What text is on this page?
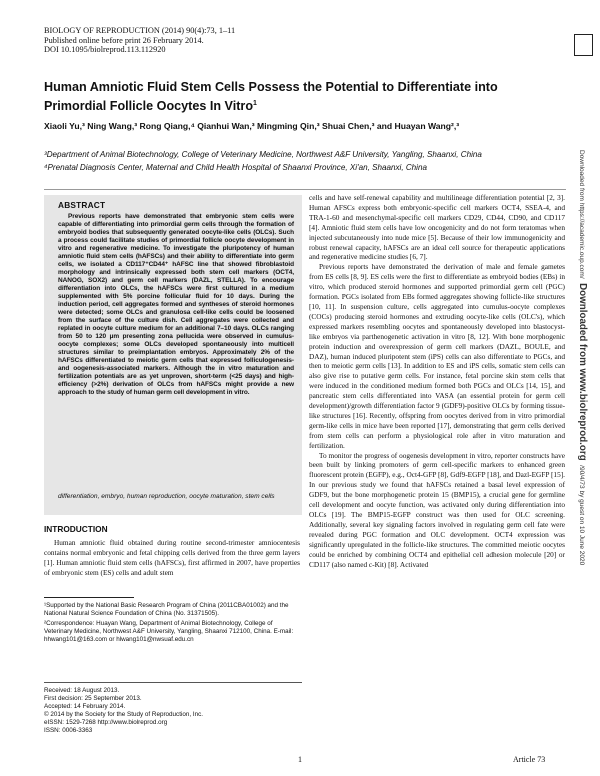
BIOLOGY OF REPRODUCTION (2014) 90(4):73, 1–11
Published online before print 26 February 2014.
DOI 10.1095/biolreprod.113.112920
Downloaded from https://academic.oup.com/ Downloaded from www.biolreprod.org /90/4/73 by guest on 10 June 2020
Human Amniotic Fluid Stem Cells Possess the Potential to Differentiate into Primordial Follicle Oocytes In Vitro$^1$
Xiaoli Yu,³ Ning Wang,³ Rong Qiang,⁴ Qianhui Wan,³ Mingming Qin,³ Shuai Chen,³ and Huayan Wang²,³

³Department of Animal Biotechnology, College of Veterinary Medicine, Northwest A&F University, Yangling, Shaanxi, China

⁴Prenatal Diagnosis Center, Maternal and Child Health Hospital of Shaanxi Province, Xi'an, Shaanxi, China

ABSTRACT

Previous reports have demonstrated that embryonic stem cells were capable of differentiating into primordial germ cells through the formation of embryoid bodies that subsequently generated oocyte-like cells (OLCs). Such a process could facilitate studies of primordial follicle oocyte development in vitro and regenerative medicine. To investigate the pluripotency of human amniotic fluid stem cells (hAFSCs) and their ability to differentiate into germ cells, we isolated a CD117⁺CD44⁺ hAFSC line that showed fibroblastoid morphology and intrinsically expressed both stem cell markers (OCT4, NANOG, SOX2) and germ cell markers (DAZL, STELLA). To encourage differentiation into OLCs, the hAFSCs were first cultured in a medium supplemented with 5% porcine follicular fluid for 10 days. During the induction period, cell aggregates formed and syntheses of steroid hormones were detected; some OLCs and granulosa cell-like cells could be loosened from the surface of the culture dish. Cell aggregates were collected and replated in oocyte culture medium for an additional 7–10 days. OLCs ranging from 50 to 120 μm presenting zona pellucida were observed in cumulus-oocyte complexes; some OLCs developed spontaneously into multicell structures similar to preimplantation embryos. Approximately 2% of the hAFSCs differentiated to meiotic germ cells that expressed folliculogenesis- and oogenesis-associated markers. Although the in vitro maturation and fertilization potentials are as yet unproven, short-term (<25 days) and high-efficiency (>2%) derivation of OLCs from hAFSCs might provide a new approach to the study of human germ cell development in vitro.

differentiation, embryo, human reproduction, oocyte maturation, stem cells

INTRODUCTION

Human amniotic fluid obtained during routine second-trimester amniocentesis contains normal embryonic and fetal chipping cells derived from the three germ layers [1]. Human amniotic fluid stem cells (hAFSCs), first affirmed in 2007, have properties of embryonic stem (ES) cells and adult stem

¹Supported by the National Basic Research Program of China (2011CBA01002) and the National Natural Science Foundation of China (No. 31371505).

²Correspondence: Huayan Wang, Department of Animal Biotechnology, College of Veterinary Medicine, Northwest A&F University, Yangling, Shaanxi 712100, China. E-mail: hhwang101@163.com or hlwang101@nwsuaf.edu.cn

Received: 18 August 2013.
First decision: 25 September 2013.
Accepted: 14 February 2014.
© 2014 by the Society for the Study of Reproduction, Inc.
eISSN: 1529-7268 http://www.biolreprod.org
ISSN: 0006-3363

cells and have self-renewal capability and multilineage differentiation potential [2, 3]. Human AFSCs express both embryonic-specific cell markers OCT4, SSEA-4, and TRA-1-60 and mesenchymal-specific cell markers CD29, CD44, CD90, and CD117 [4]. Amniotic fluid stem cells have low oncogenicity and do not form teratomas when injected subcutaneously into nude mice [5]. Because of their low immunogenicity and robust renewal capacity, hAFSCs are an ideal cell source for therapeutic applications and regenerative medicine studies [6, 7].

Previous reports have demonstrated the derivation of male and female gametes from ES cells [8, 9]. ES cells were the first to differentiate as embryoid bodies (EBs) in vitro, which produced steroid hormones and supported primordial germ cell (PGC) formation. PGCs isolated from EBs formed aggregates showing follicle-like structures [10, 11]. In suspension culture, cells aggregated into cumulus-oocyte complexes (COCs) producing steroid hormones and extruding oocyte-like cells (OLC's), which expressed markers resembling oocytes and spontaneously developed into blastocyst-like embryos via parthenogenetic activation in vitro [8, 12]. With bone morphogenic protein induction and overexpression of germ cell markers (DAZL, BOULE, and DAZ), human induced pluripotent stem (iPS) cells can also differentiate to PGCs, and then to meiotic germ cells [13]. In addition to ES and iPS cells, somatic stem cells can also give rise to putative germ cells. For instance, fetal porcine skin stem cells that were induced in the conditioned medium formed both PGCs and OLCs [14, 15], and pancreatic stem cells differentiated into VASA (an essential protein for germ cell development)/growth differentiation factor 9 (GDF9)-positive OLCs by forming tissue-like structures [16]. Recently, offspring from oocytes derived from in vitro primordial germ-like cells in mice have been reported [17], demonstrating that germ cells derived from stem cells can perform a physiological role after in vitro maturation and fertilization.

To monitor the progress of oogenesis development in vitro, reporter constructs have been built by linking promoters of germ cell-specific markers to enhanced green fluorescent protein (EGFP), e.g., Oct4-GFP [8], Gdf9-EGFP [18], and Dazl-EGFP [15]. In our previous study we found that hAFSCs retained a basal level expression of GDF9, but the bone morphogenetic protein 15 (BMP15), a crucial gene for germline cell development and oocyte function, was activated only during differentiation into OLCs [19]. The BMP15-EGFP construct was then used for OLC screening. Additionally, several key signaling factors involved in regulating germ cell fate were revealed during PGC formation and OLC development. OCT4 expression was significantly upregulated in the follicle-like structures. The committed meiotic oocytes could be enriched by combining OCT4 and epithelial cell adhesion molecule [20] or CD117 (also named c-Kit) [8]. Activated

1	Article 73
